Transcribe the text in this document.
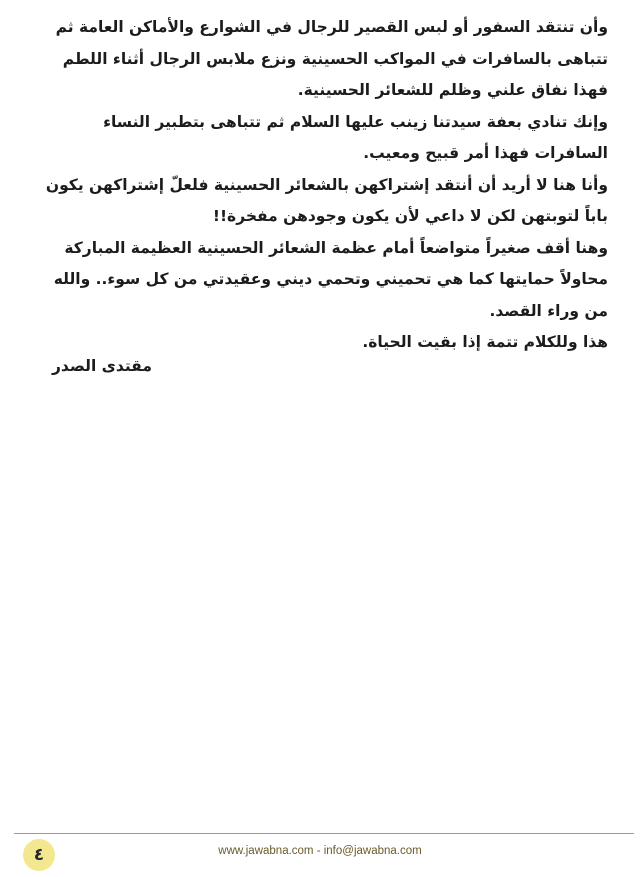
وأن تنتقد السفور أو لبس القصير للرجال في الشوارع والأماكن العامة ثم تتباهى بالسافرات في المواكب الحسينية ونزع ملابس الرجال أثناء اللطم فهذا نفاق علني وظلم للشعائر الحسينية.

وإنك تنادي بعفة سيدتنا زينب عليها السلام ثم تتباهى بتطبير النساء السافرات فهذا أمر قبيح ومعيب.

وأنا هنا لا أريد أن أنتقد إشتراكهن بالشعائر الحسينية فلعلّ إشتراكهن يكون باباً لتوبتهن لكن لا داعي لأن يكون وجودهن مفخرة!!

وهنا أقف صغيراً متواضعاً أمام عظمة الشعائر الحسينية العظيمة المباركة محاولاً حمايتها كما هي تحميني وتحمي ديني وعقيدتي من كل سوء.. والله من وراء القصد.

هذا وللكلام تتمة إذا بقيت الحياة.

مقتدى الصدر
٤	www.jawabna.com - info@jawabna.com
